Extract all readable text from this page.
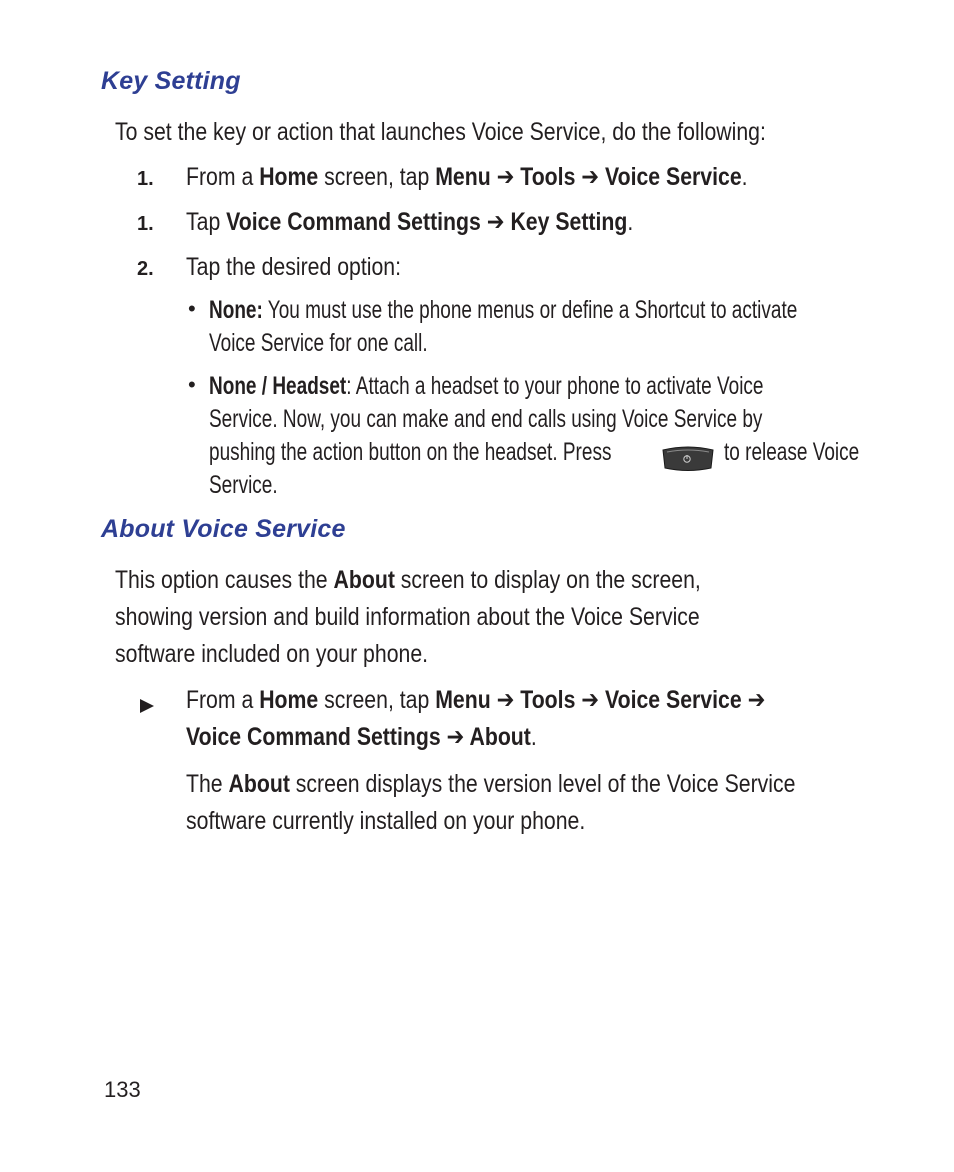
Key Setting
To set the key or action that launches Voice Service, do the following:
1. From a Home screen, tap Menu ➔ Tools ➔ Voice Service.
1. Tap Voice Command Settings ➔ Key Setting.
2. Tap the desired option:
• None: You must use the phone menus or define a Shortcut to activate
Voice Service for one call.
• None / Headset: Attach a headset to your phone to activate Voice
Service. Now, you can make and end calls using Voice Service by
pushing the action button on the headset. Press
Service.
to release Voice
About Voice Service
This option causes the About screen to display on the screen,
showing version and build information about the Voice Service
software included on your phone.
From a Home screen, tap Menu ➔ Tools ➔ Voice Service ➔
Voice Command Settings ➔ About.
The About screen displays the version level of the Voice Service
software currently installed on your phone.
133
